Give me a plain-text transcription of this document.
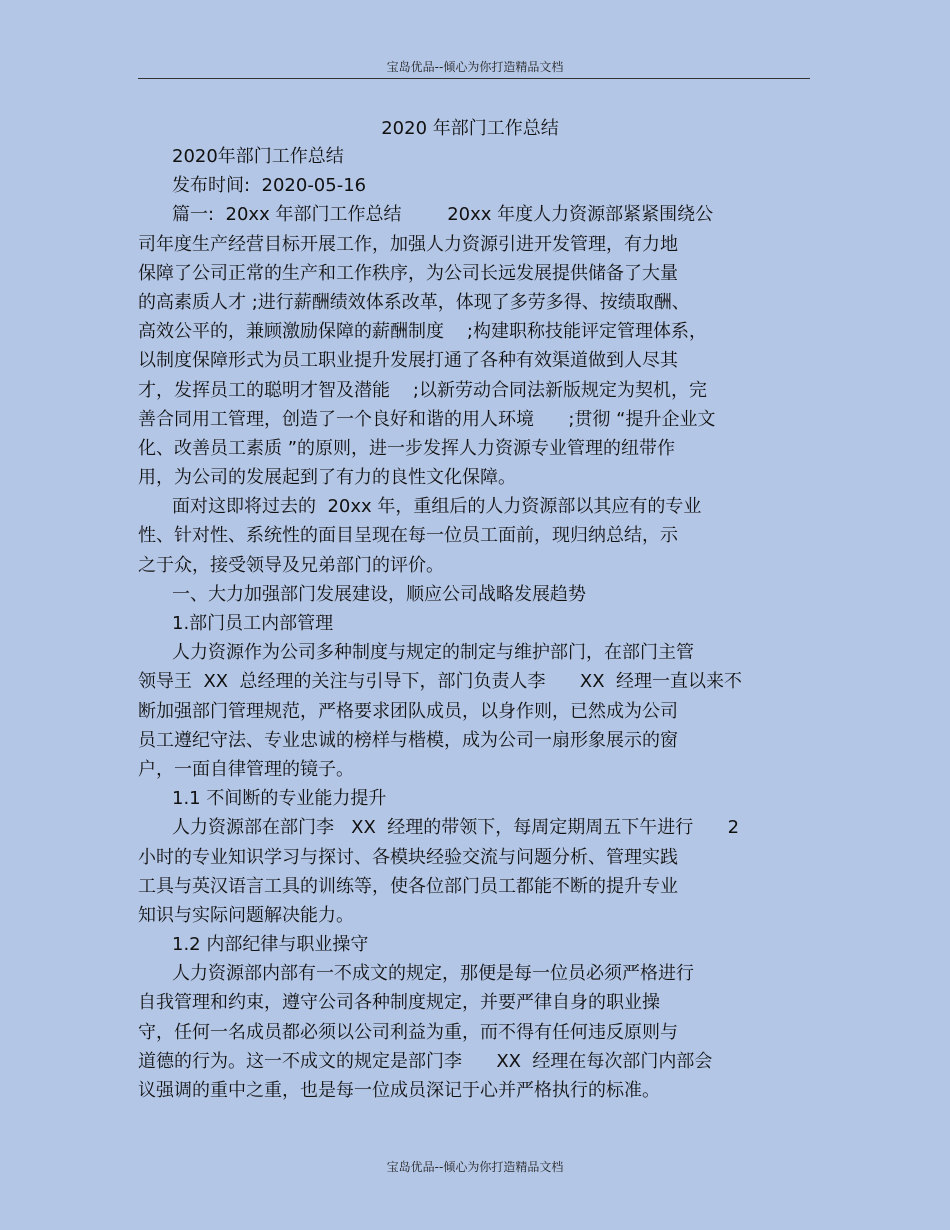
宝岛优品--倾心为你打造精品文档
2020 年部门工作总结
2020年部门工作总结
发布时间:  2020-05-16
篇一:  20xx 年部门工作总结        20xx 年度人力资源部紧紧围绕公
司年度生产经营目标开展工作，加强人力资源引进开发管理，有力地
保障了公司正常的生产和工作秩序，为公司长远发展提供储备了大量
的高素质人才 ;进行薪酬绩效体系改革，体现了多劳多得、按绩取酬、
高效公平的，兼顾激励保障的薪酬制度    ;构建职称技能评定管理体系，
以制度保障形式为员工职业提升发展打通了各种有效渠道做到人尽其
才，发挥员工的聪明才智及潜能    ;以新劳动合同法新版规定为契机，完
善合同用工管理，创造了一个良好和谐的用人环境      ;贯彻 “提升企业文
化、改善员工素质 ”的原则，进一步发挥人力资源专业管理的纽带作
用，为公司的发展起到了有力的良性文化保障。
面对这即将过去的  20xx 年，重组后的人力资源部以其应有的专业
性、针对性、系统性的面目呈现在每一位员工面前，现归纳总结，示
之于众，接受领导及兄弟部门的评价。
一、大力加强部门发展建设，顺应公司战略发展趋势
1.部门员工内部管理
人力资源作为公司多种制度与规定的制定与维护部门，在部门主管
领导王  XX  总经理的关注与引导下，部门负责人李      XX  经理一直以来不
断加强部门管理规范，严格要求团队成员，以身作则，已然成为公司
员工遵纪守法、专业忠诚的榜样与楷模，成为公司一扇形象展示的窗
户，一面自律管理的镜子。
1.1 不间断的专业能力提升
人力资源部在部门李   XX  经理的带领下，每周定期周五下午进行      2
小时的专业知识学习与探讨、各模块经验交流与问题分析、管理实践
工具与英汉语言工具的训练等，使各位部门员工都能不断的提升专业
知识与实际问题解决能力。
1.2 内部纪律与职业操守
人力资源部内部有一不成文的规定，那便是每一位员必须严格进行
自我管理和约束，遵守公司各种制度规定，并要严律自身的职业操
守，任何一名成员都必须以公司利益为重，而不得有任何违反原则与
道德的行为。这一不成文的规定是部门李      XX  经理在每次部门内部会
议强调的重中之重，也是每一位成员深记于心并严格执行的标准。
宝岛优品--倾心为你打造精品文档
